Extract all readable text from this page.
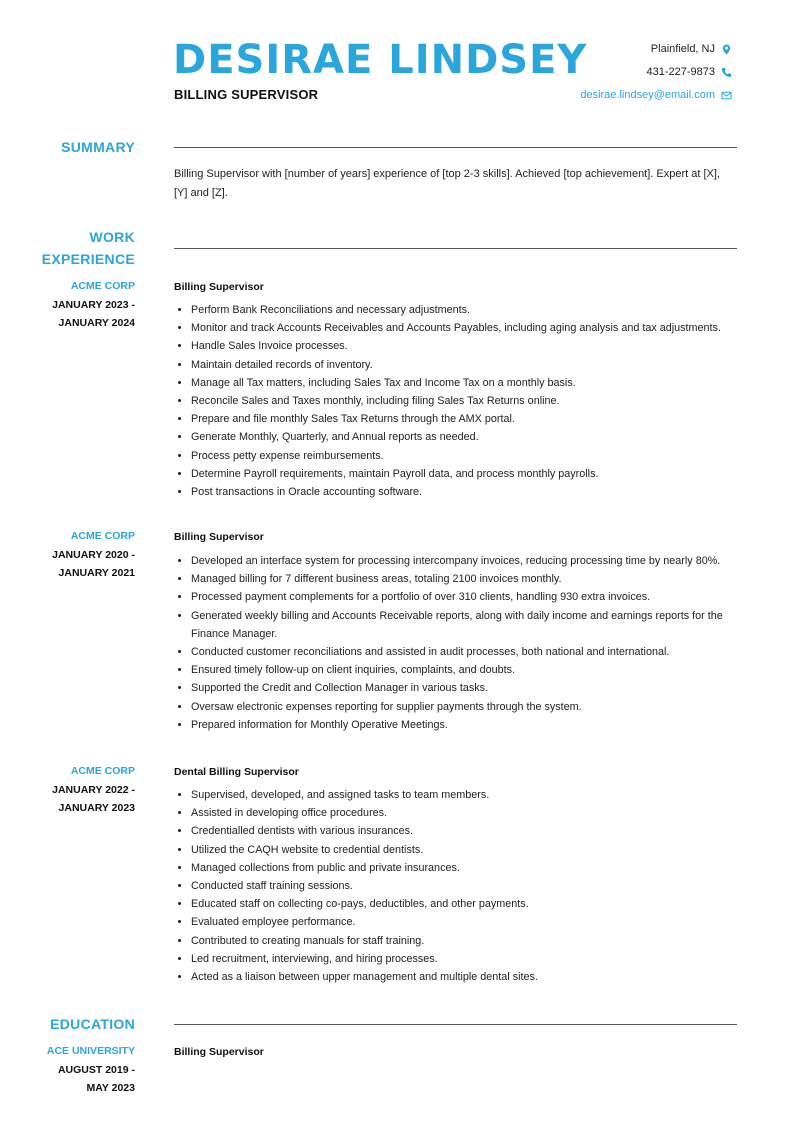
DESIRAE LINDSEY
BILLING SUPERVISOR
Plainfield, NJ
431-227-9873
desirae.lindsey@email.com
SUMMARY
Billing Supervisor with [number of years] experience of [top 2-3 skills]. Achieved [top achievement]. Expert at [X], [Y] and [Z].
WORK
EXPERIENCE
ACME CORP
JANUARY 2023 -
JANUARY 2024
Billing Supervisor
• Perform Bank Reconciliations and necessary adjustments.
• Monitor and track Accounts Receivables and Accounts Payables, including aging analysis and tax adjustments.
• Handle Sales Invoice processes.
• Maintain detailed records of inventory.
• Manage all Tax matters, including Sales Tax and Income Tax on a monthly basis.
• Reconcile Sales and Taxes monthly, including filing Sales Tax Returns online.
• Prepare and file monthly Sales Tax Returns through the AMX portal.
• Generate Monthly, Quarterly, and Annual reports as needed.
• Process petty expense reimbursements.
• Determine Payroll requirements, maintain Payroll data, and process monthly payrolls.
• Post transactions in Oracle accounting software.
ACME CORP
JANUARY 2020 -
JANUARY 2021
Billing Supervisor
• Developed an interface system for processing intercompany invoices, reducing processing time by nearly 80%.
• Managed billing for 7 different business areas, totaling 2100 invoices monthly.
• Processed payment complements for a portfolio of over 310 clients, handling 930 extra invoices.
• Generated weekly billing and Accounts Receivable reports, along with daily income and earnings reports for the Finance Manager.
• Conducted customer reconciliations and assisted in audit processes, both national and international.
• Ensured timely follow-up on client inquiries, complaints, and doubts.
• Supported the Credit and Collection Manager in various tasks.
• Oversaw electronic expenses reporting for supplier payments through the system.
• Prepared information for Monthly Operative Meetings.
ACME CORP
JANUARY 2022 -
JANUARY 2023
Dental Billing Supervisor
• Supervised, developed, and assigned tasks to team members.
• Assisted in developing office procedures.
• Credentialled dentists with various insurances.
• Utilized the CAQH website to credential dentists.
• Managed collections from public and private insurances.
• Conducted staff training sessions.
• Educated staff on collecting co-pays, deductibles, and other payments.
• Evaluated employee performance.
• Contributed to creating manuals for staff training.
• Led recruitment, interviewing, and hiring processes.
• Acted as a liaison between upper management and multiple dental sites.
EDUCATION
ACE UNIVERSITY
AUGUST 2019 -
MAY 2023
Billing Supervisor
